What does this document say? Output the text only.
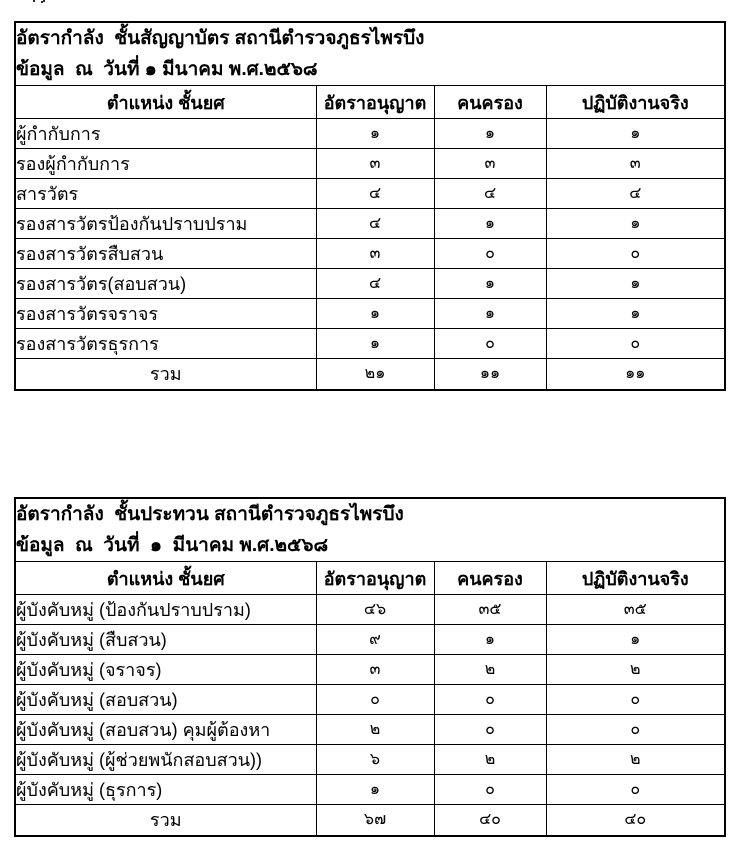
อัตรากำลัง  ชั้นสัญญาบัตร สถานีตำรวจภูธรไพรบึง
ข้อมูล  ณ  วันที่ ๑ มีนาคม พ.ศ.๒๕๖๘			

ตำแหน่ง ชั้นยศ	อัตราอนุญาต	คนครอง	ปฏิบัติงานจริง
ผู้กำกับการ	๑	๑	๑
รองผู้กำกับการ	๓	๓	๓
สารวัตร	๔	๔	๔
รองสารวัตรป้องกันปราบปราม	๔	๑	๑
รองสารวัตรสืบสวน	๓	๐	๐
รองสารวัตร(สอบสวน)	๔	๑	๑
รองสารวัตรจราจร	๑	๑	๑
รองสารวัตรธุรการ	๑	๐	๐
รวม	๒๑	๑๑	๑๑
อัตรากำลัง  ชั้นประทวน สถานีตำรวจภูธรไพรบึง
ข้อมูล  ณ  วันที่  ๑  มีนาคม พ.ศ.๒๕๖๘			

ตำแหน่ง ชั้นยศ	อัตราอนุญาต	คนครอง	ปฏิบัติงานจริง
ผู้บังคับหมู่ (ป้องกันปราบปราม)	๔๖	๓๕	๓๕
ผู้บังคับหมู่ (สืบสวน)	๙	๑	๑
ผู้บังคับหมู่ (จราจร)	๓	๒	๒
ผู้บังคับหมู่ (สอบสวน)	๐	๐	๐
ผู้บังคับหมู่ (สอบสวน) คุมผู้ต้องหา	๒	๐	๐
ผู้บังคับหมู่ (ผู้ช่วยพนักสอบสวน))	๖	๒	๒
ผู้บังคับหมู่ (ธุรการ)	๑	๐	๐
รวม	๖๗	๔๐	๔๐
